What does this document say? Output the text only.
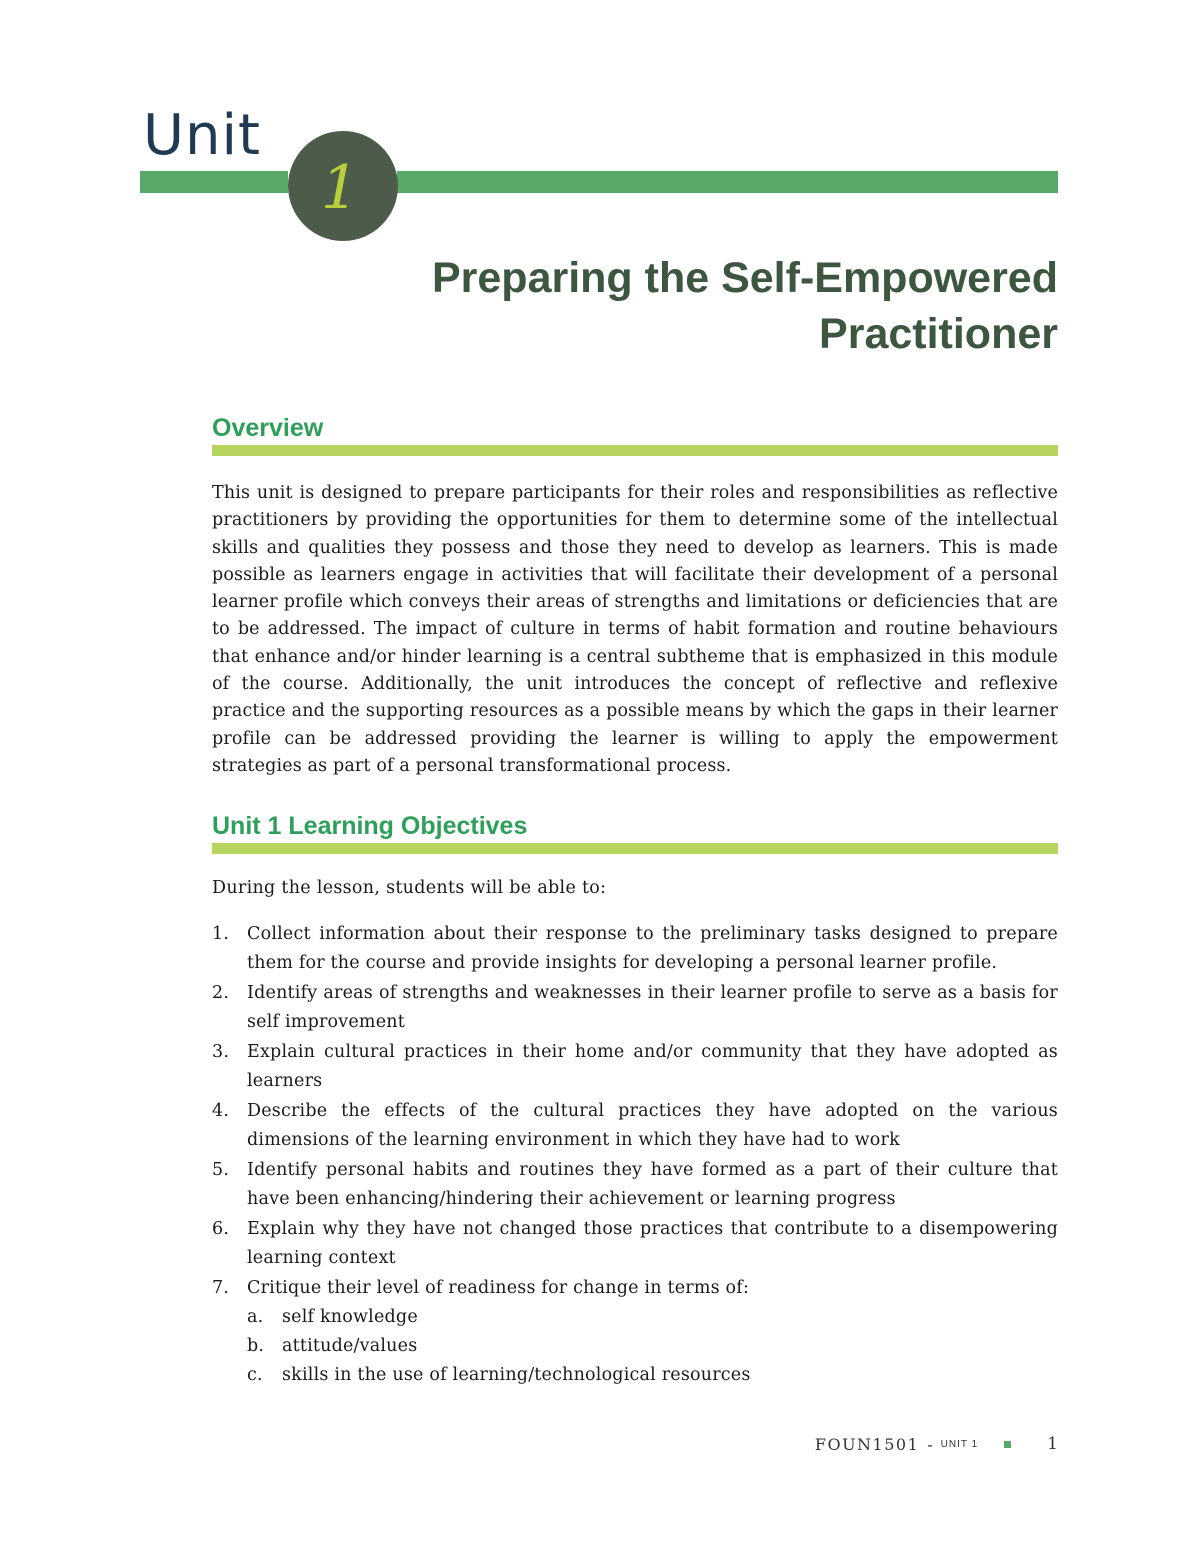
Unit
1
Preparing the Self-Empowered
Practitioner
Overview

This unit is designed to prepare participants for their roles and responsibilities as reflective practitioners by providing the opportunities for them to determine some of the intellectual skills and qualities they possess and those they need to develop as learners. This is made possible as learners engage in activities that will facilitate their development of a personal learner profile which conveys their areas of strengths and limitations or deficiencies that are to be addressed. The impact of culture in terms of habit formation and routine behaviours that enhance and/or hinder learning is a central subtheme that is emphasized in this module of the course. Additionally, the unit introduces the concept of reflective and reflexive practice and the supporting resources as a possible means by which the gaps in their learner profile can be addressed providing the learner is willing to apply the empowerment strategies as part of a personal transformational process.

Unit 1 Learning Objectives
During the lesson, students will be able to:
1. Collect information about their response to the preliminary tasks designed to prepare them for the course and provide insights for developing a personal learner profile.
2. Identify areas of strengths and weaknesses in their learner profile to serve as a basis for self improvement
3. Explain cultural practices in their home and/or community that they have adopted as learners
4. Describe the effects of the cultural practices they have adopted on the various dimensions of the learning environment in which they have had to work
5. Identify personal habits and routines they have formed as a part of their culture that have been enhancing/hindering their achievement or learning progress
6. Explain why they have not changed those practices that contribute to a disempowering learning context
7. Critique their level of readiness for change in terms of:
a. self knowledge
b. attitude/values
c. skills in the use of learning/technological resources
FOUN1501 - UNIT 1	1
